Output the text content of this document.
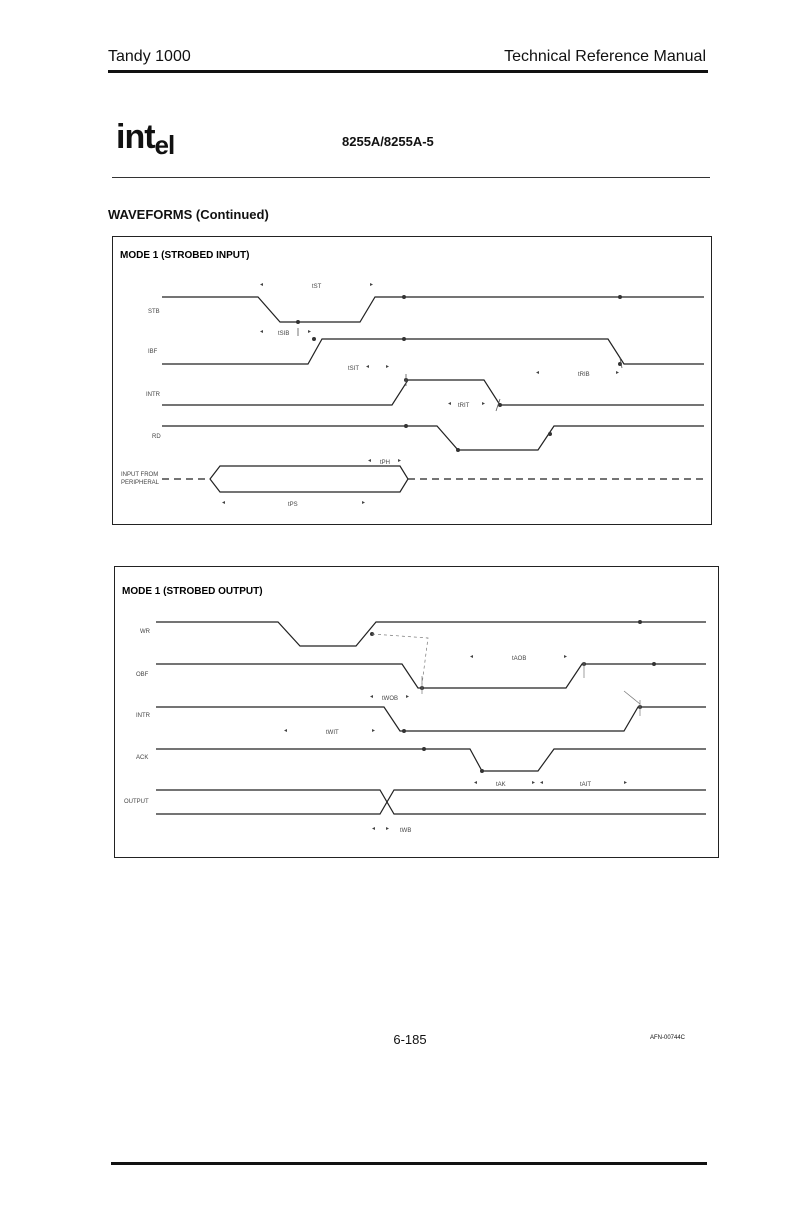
Tandy 1000	Technical Reference Manual
int$_{el}$	8255A/8255A-5
WAVEFORMS (Continued)
MODE 1 (STROBED INPUT)
STB
IBF
INTR
RD
INPUT FROM
PERIPHERAL
◂	tST	▸
◂ tSIB	▸
tSIT ◂	▸
◂	tRIB	▸
◂ tRIT ▸
◂ tPH ▸
◂	tPS	▸
MODE 1 (STROBED OUTPUT)
WR
OBF
INTR
ACK
OUTPUT
◂	tAOB	▸
◂ tWOB ▸
◂	tWIT	▸
◂	tAK	▸ ◂	tAIT	▸
◂ ▸ tWB
6-185	AFN-00744C
